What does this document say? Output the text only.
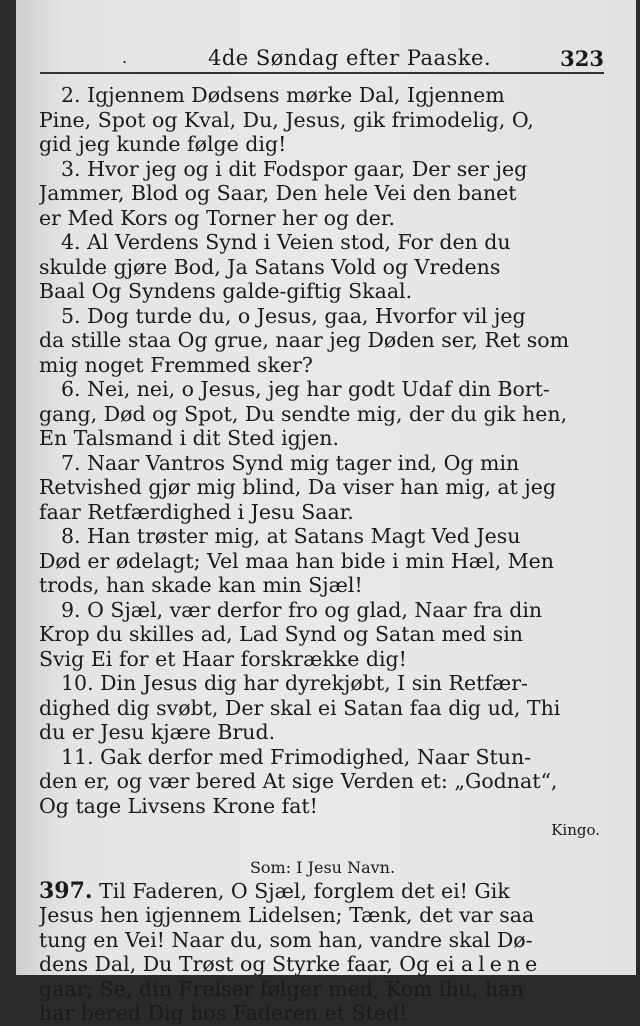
.	4de Søndag efter Paaske.	323
2. Igjennem Dødsens mørke Dal, Igjennem
Pine, Spot og Kval, Du, Jesus, gik frimodelig, O,
gid jeg kunde følge dig!
3. Hvor jeg og i dit Fodspor gaar, Der ser jeg
Jammer, Blod og Saar, Den hele Vei den banet
er Med Kors og Torner her og der.
4. Al Verdens Synd i Veien stod, For den du
skulde gjøre Bod, Ja Satans Vold og Vredens
Baal Og Syndens galde-giftig Skaal.
5. Dog turde du, o Jesus, gaa, Hvorfor vil jeg
da stille staa Og grue, naar jeg Døden ser, Ret som
mig noget Fremmed sker?
6. Nei, nei, o Jesus, jeg har godt Udaf din Bort-
gang, Død og Spot, Du sendte mig, der du gik hen,
En Talsmand i dit Sted igjen.
7. Naar Vantros Synd mig tager ind, Og min
Retvished gjør mig blind, Da viser han mig, at jeg
faar Retfærdighed i Jesu Saar.
8. Han trøster mig, at Satans Magt Ved Jesu
Død er ødelagt; Vel maa han bide i min Hæl, Men
trods, han skade kan min Sjæl!
9. O Sjæl, vær derfor fro og glad, Naar fra din
Krop du skilles ad, Lad Synd og Satan med sin
Svig Ei for et Haar forskrække dig!
10. Din Jesus dig har dyrekjøbt, I sin Retfær-
dighed dig svøbt, Der skal ei Satan faa dig ud, Thi
du er Jesu kjære Brud.
11. Gak derfor med Frimodighed, Naar Stun-
den er, og vær bered At sige Verden et: „Godnat“,
Og tage Livsens Krone fat!
Kingo.
Som: I Jesu Navn.
397. Til Faderen, O Sjæl, forglem det ei! Gik
Jesus hen igjennem Lidelsen; Tænk, det var saa
tung en Vei! Naar du, som han, vandre skal Dø-
dens Dal, Du Trøst og Styrke faar, Og ei alene
gaar; Se, din Frelser følger med, Kom ihu, han
har bered Dig hos Faderen et Sted!
